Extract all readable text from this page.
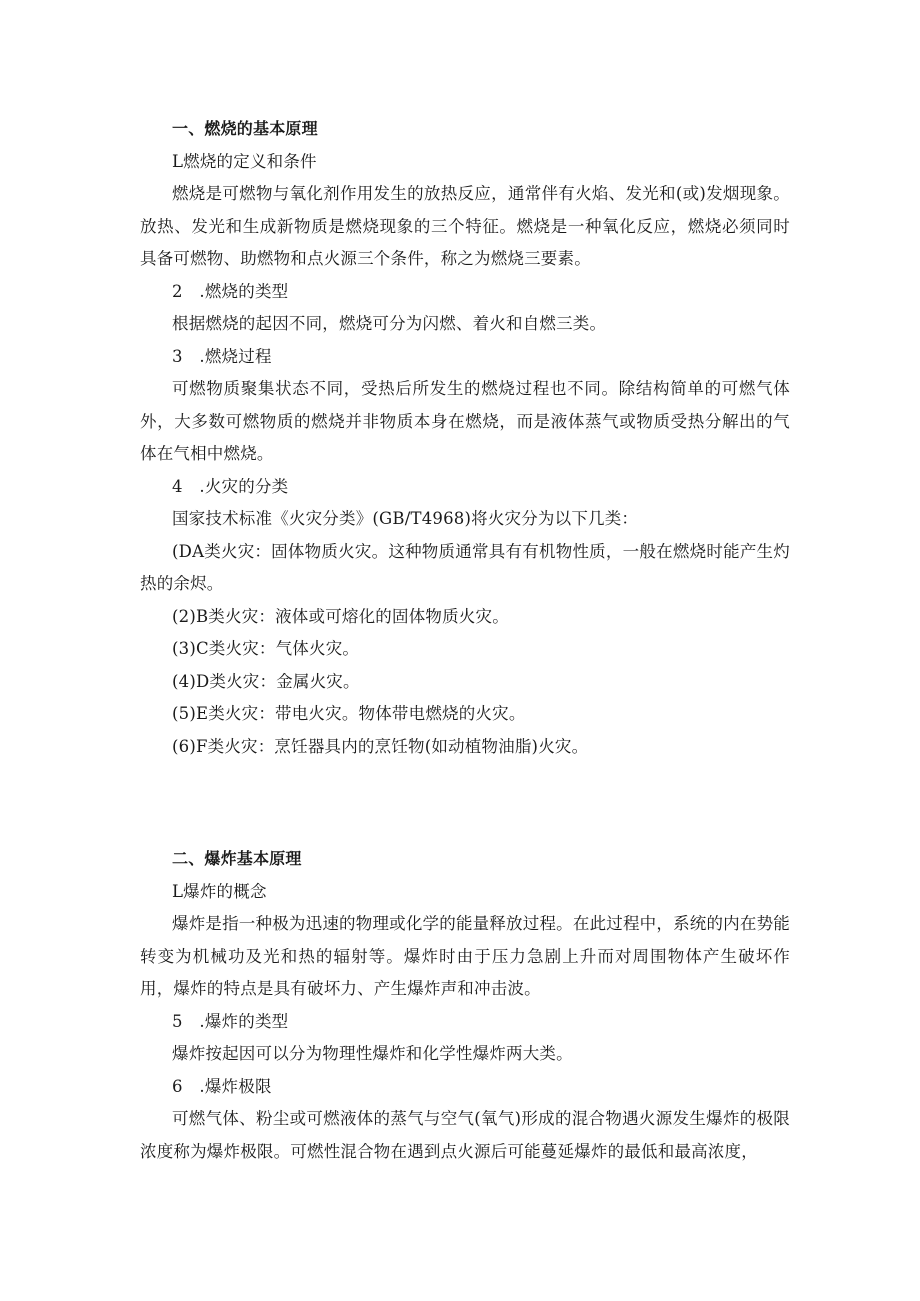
一、燃烧的基本原理
L燃烧的定义和条件

燃烧是可燃物与氧化剂作用发生的放热反应，通常伴有火焰、发光和(或)发烟现象。放热、发光和生成新物质是燃烧现象的三个特征。燃烧是一种氧化反应，燃烧必须同时具备可燃物、助燃物和点火源三个条件，称之为燃烧三要素。

2　.燃烧的类型

根据燃烧的起因不同，燃烧可分为闪燃、着火和自燃三类。

3　.燃烧过程

可燃物质聚集状态不同，受热后所发生的燃烧过程也不同。除结构简单的可燃气体外，大多数可燃物质的燃烧并非物质本身在燃烧，而是液体蒸气或物质受热分解出的气体在气相中燃烧。

4　.火灾的分类

国家技术标准《火灾分类》(GB/T4968)将火灾分为以下几类：

(DA类火灾：固体物质火灾。这种物质通常具有有机物性质，一般在燃烧时能产生灼热的余烬。

(2)B类火灾：液体或可熔化的固体物质火灾。

(3)C类火灾：气体火灾。

(4)D类火灾：金属火灾。

(5)E类火灾：带电火灾。物体带电燃烧的火灾。

(6)F类火灾：烹饪器具内的烹饪物(如动植物油脂)火灾。

二、爆炸基本原理
L爆炸的概念

爆炸是指一种极为迅速的物理或化学的能量释放过程。在此过程中，系统的内在势能转变为机械功及光和热的辐射等。爆炸时由于压力急剧上升而对周围物体产生破坏作用，爆炸的特点是具有破坏力、产生爆炸声和冲击波。

5　.爆炸的类型

爆炸按起因可以分为物理性爆炸和化学性爆炸两大类。

6　.爆炸极限

可燃气体、粉尘或可燃液体的蒸气与空气(氧气)形成的混合物遇火源发生爆炸的极限浓度称为爆炸极限。可燃性混合物在遇到点火源后可能蔓延爆炸的最低和最高浓度，
